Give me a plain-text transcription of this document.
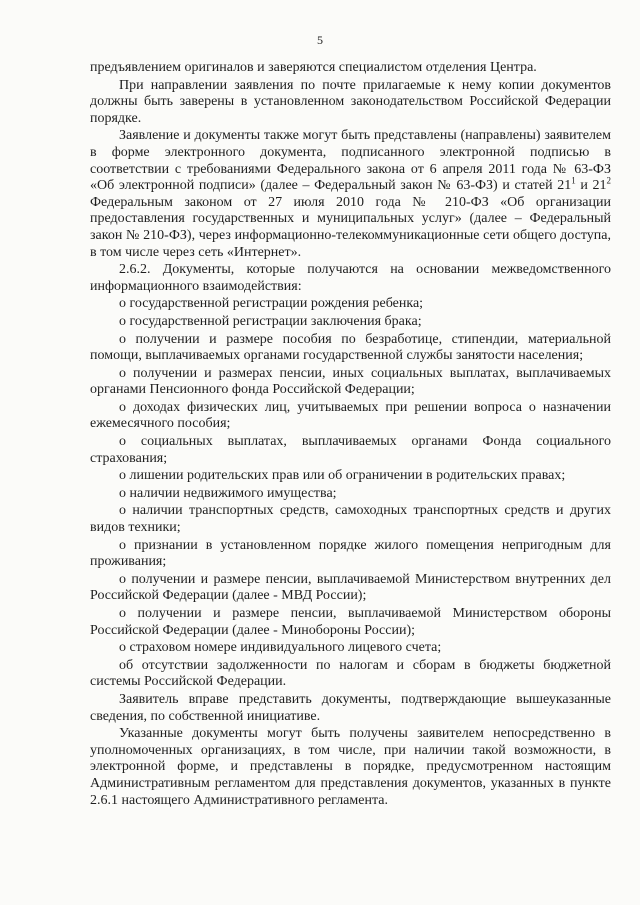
5

предъявлением оригиналов и заверяются специалистом отделения Центра.

При направлении заявления по почте прилагаемые к нему копии документов должны быть заверены в установленном законодательством Российской Федерации порядке.

Заявление и документы также могут быть представлены (направлены) заявителем в форме электронного документа, подписанного электронной подписью в соответствии с требованиями Федерального закона от 6 апреля 2011 года № 63-ФЗ «Об электронной подписи» (далее – Федеральный закон № 63-ФЗ) и статей $21^1$ и $21^2$ Федеральным законом от 27 июля 2010 года № 210-ФЗ «Об организации предоставления государственных и муниципальных услуг» (далее – Федеральный закон № 210-ФЗ), через информационно-телекоммуникационные сети общего доступа, в том числе через сеть «Интернет».

2.6.2. Документы, которые получаются на основании межведомственного информационного взаимодействия:

о государственной регистрации рождения ребенка;

о государственной регистрации заключения брака;

о получении и размере пособия по безработице, стипендии, материальной помощи, выплачиваемых органами государственной службы занятости населения;

о получении и размерах пенсии, иных социальных выплатах, выплачиваемых органами Пенсионного фонда Российской Федерации;

о доходах физических лиц, учитываемых при решении вопроса о назначении ежемесячного пособия;

о социальных выплатах, выплачиваемых органами Фонда социального страхования;

о лишении родительских прав или об ограничении в родительских правах;

о наличии недвижимого имущества;

о наличии транспортных средств, самоходных транспортных средств и других видов техники;

о признании в установленном порядке жилого помещения непригодным для проживания;

о получении и размере пенсии, выплачиваемой Министерством внутренних дел Российской Федерации (далее - МВД России);

о получении и размере пенсии, выплачиваемой Министерством обороны Российской Федерации (далее - Минобороны России);

о страховом номере индивидуального лицевого счета;

об отсутствии задолженности по налогам и сборам в бюджеты бюджетной системы Российской Федерации.

Заявитель вправе представить документы, подтверждающие вышеуказанные сведения, по собственной инициативе.

Указанные документы могут быть получены заявителем непосредственно в уполномоченных организациях, в том числе, при наличии такой возможности, в электронной форме, и представлены в порядке, предусмотренном настоящим Административным регламентом для представления документов, указанных в пункте 2.6.1 настоящего Административного регламента.
